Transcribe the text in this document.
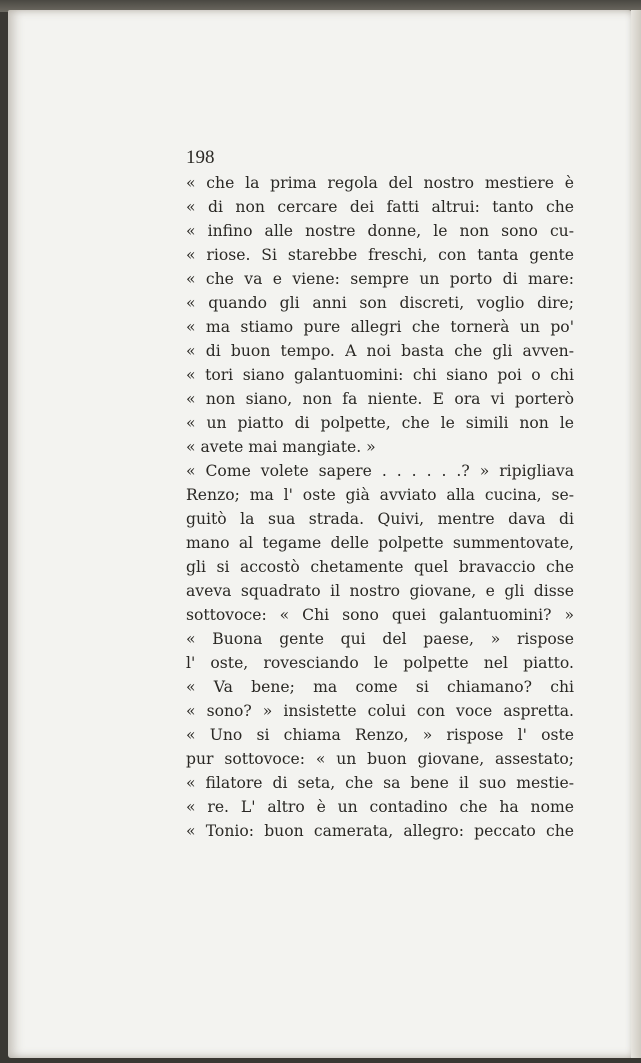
198
« che la prima regola del nostro mestiere è
« di non cercare dei fatti altrui: tanto che
« infino alle nostre donne, le non sono cu-
« riose. Si starebbe freschi, con tanta gente
« che va e viene: sempre un porto di mare:
« quando gli anni son discreti, voglio dire;
« ma stiamo pure allegri che tornerà un po'
« di buon tempo. A noi basta che gli avven-
« tori siano galantuomini: chi siano poi o chi
« non siano, non fa niente. E ora vi porterò
« un piatto di polpette, che le simili non le
« avete mai mangiate. »
« Come volete sapere . . . . . .? » ripigliava
Renzo; ma l' oste già avviato alla cucina, se-
guitò la sua strada. Quivi, mentre dava di
mano al tegame delle polpette summentovate,
gli si accostò chetamente quel bravaccio che
aveva squadrato il nostro giovane, e gli disse
sottovoce: « Chi sono quei galantuomini? »
« Buona gente qui del paese, » rispose
l' oste, rovesciando le polpette nel piatto.
« Va bene; ma come si chiamano? chi
« sono? » insistette colui con voce aspretta.
« Uno si chiama Renzo, » rispose l' oste
pur sottovoce: « un buon giovane, assestato;
« filatore di seta, che sa bene il suo mestie-
« re. L' altro è un contadino che ha nome
« Tonio: buon camerata, allegro: peccato che
